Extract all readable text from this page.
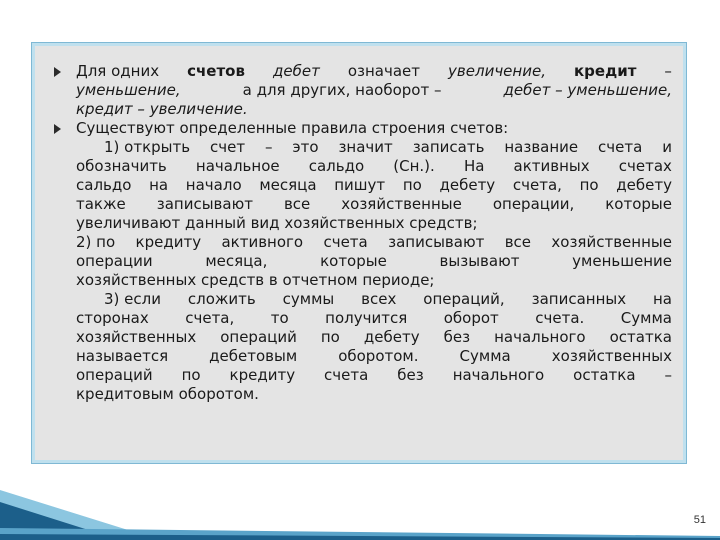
Для одних счетов дебет означает увеличение, кредит –
уменьшение,	а для других, наоборот –	дебет – уменьшение,
кредит – увеличение.
Существуют определенные правила строения счетов:
1) открыть счет – это значит записать название счета и
обозначить начальное сальдо (Сн.). На активных счетах
сальдо на начало месяца пишут по дебету счета, по дебету
также записывают все хозяйственные операции, которые
увеличивают данный вид хозяйственных средств;
2) по кредиту активного счета записывают все хозяйственные
операции	месяца,	которые	вызывают	уменьшение
хозяйственных средств в отчетном периоде;
3) если сложить суммы всех операций, записанных на
сторонах счета, то получится оборот счета. Сумма
хозяйственных операций по дебету без начального остатка
называется	дебетовым	оборотом.	Сумма	хозяйственных
операций по кредиту счета без начального остатка –
кредитовым оборотом.
51
